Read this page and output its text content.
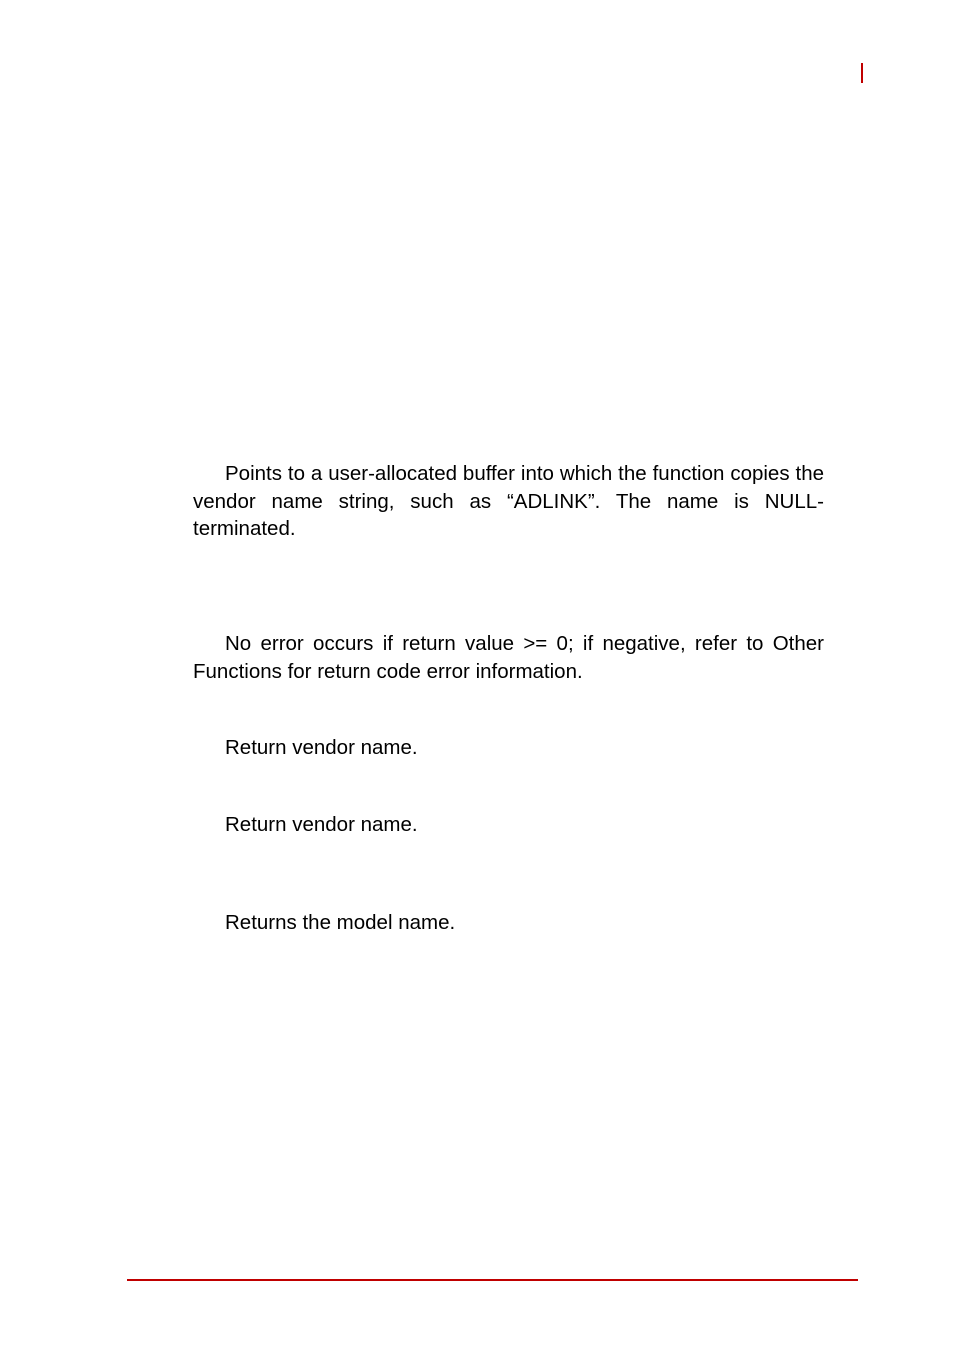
Points to a user-allocated buffer into which the function copies the vendor name string, such as “ADLINK”. The name is NULL-terminated.

No error occurs if return value >= 0; if negative, refer to Other Functions for return code error information.

Return vendor name.

Return vendor name.

Returns the model name.
